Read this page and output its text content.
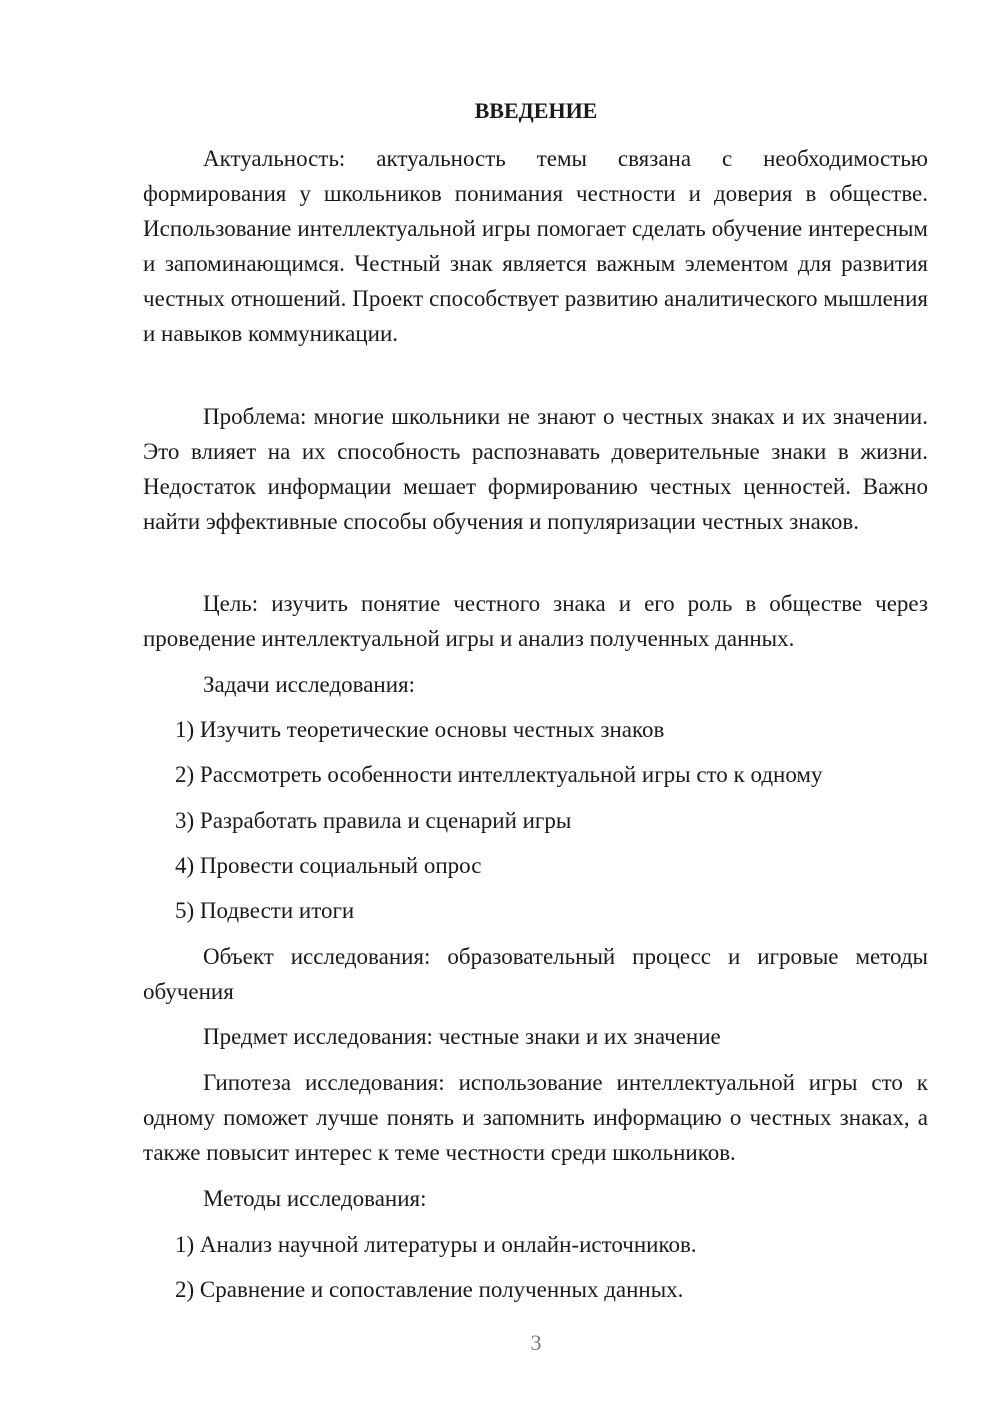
ВВЕДЕНИЕ

Актуальность: актуальность темы связана с необходимостью формирования у школьников понимания честности и доверия в обществе. Использование интеллектуальной игры помогает сделать обучение интересным и запоминающимся. Честный знак является важным элементом для развития честных отношений. Проект способствует развитию аналитического мышления и навыков коммуникации.

Проблема: многие школьники не знают о честных знаках и их значении. Это влияет на их способность распознавать доверительные знаки в жизни. Недостаток информации мешает формированию честных ценностей. Важно найти эффективные способы обучения и популяризации честных знаков.

Цель: изучить понятие честного знака и его роль в обществе через проведение интеллектуальной игры и анализ полученных данных.

Задачи исследования:

1) Изучить теоретические основы честных знаков

2) Рассмотреть особенности интеллектуальной игры сто к одному

3) Разработать правила и сценарий игры

4) Провести социальный опрос

5) Подвести итоги

Объект исследования: образовательный процесс и игровые методы обучения

Предмет исследования: честные знаки и их значение

Гипотеза исследования: использование интеллектуальной игры сто к одному поможет лучше понять и запомнить информацию о честных знаках, а также повысит интерес к теме честности среди школьников.

Методы исследования:

1) Анализ научной литературы и онлайн-источников.

2) Сравнение и сопоставление полученных данных.

3
